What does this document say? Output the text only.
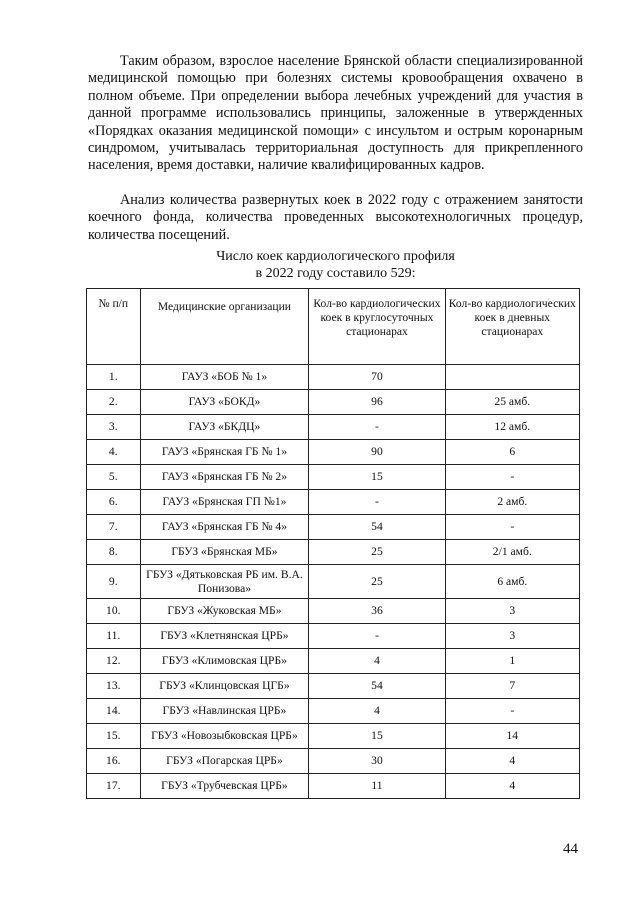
Таким образом, взрослое население Брянской области специализированной медицинской помощью при болезнях системы кровообращения охвачено в полном объеме. При определении выбора лечебных учреждений для участия в данной программе использовались принципы, заложенные в утвержденных «Порядках оказания медицинской помощи» с инсультом и острым коронарным синдромом, учитывалась территориальная доступность для прикрепленного населения, время доставки, наличие квалифицированных кадров.

Анализ количества развернутых коек в 2022 году с отражением занятости коечного фонда, количества проведенных высокотехнологичных процедур, количества посещений.

Число коек кардиологического профиля
в 2022 году составило 529:
№ п/п	Медицинские организации	Кол-во кардиологических коек в круглосуточных стационарах	Кол-во кардиологических коек в дневных стационарах
1.	ГАУЗ «БОБ № 1»	70	
2.	ГАУЗ «БОКД»	96	25 амб.
3.	ГАУЗ «БКДЦ»	-	12 амб.
4.	ГАУЗ «Брянская ГБ № 1»	90	6
5.	ГАУЗ «Брянская ГБ № 2»	15	-
6.	ГАУЗ «Брянская ГП №1»	-	2 амб.
7.	ГАУЗ «Брянская ГБ № 4»	54	-
8.	ГБУЗ «Брянская МБ»	25	2/1 амб.
9.	ГБУЗ «Дятьковская РБ им. В.А. Понизова»	25	6 амб.
10.	ГБУЗ «Жуковская МБ»	36	3
11.	ГБУЗ «Клетнянская ЦРБ»	-	3
12.	ГБУЗ «Климовская ЦРБ»	4	1
13.	ГБУЗ «Клинцовская ЦГБ»	54	7
14.	ГБУЗ «Навлинская ЦРБ»	4	-
15.	ГБУЗ «Новозыбковская ЦРБ»	15	14
16.	ГБУЗ «Погарская ЦРБ»	30	4
17.	ГБУЗ «Трубчевская ЦРБ»	11	4
44
